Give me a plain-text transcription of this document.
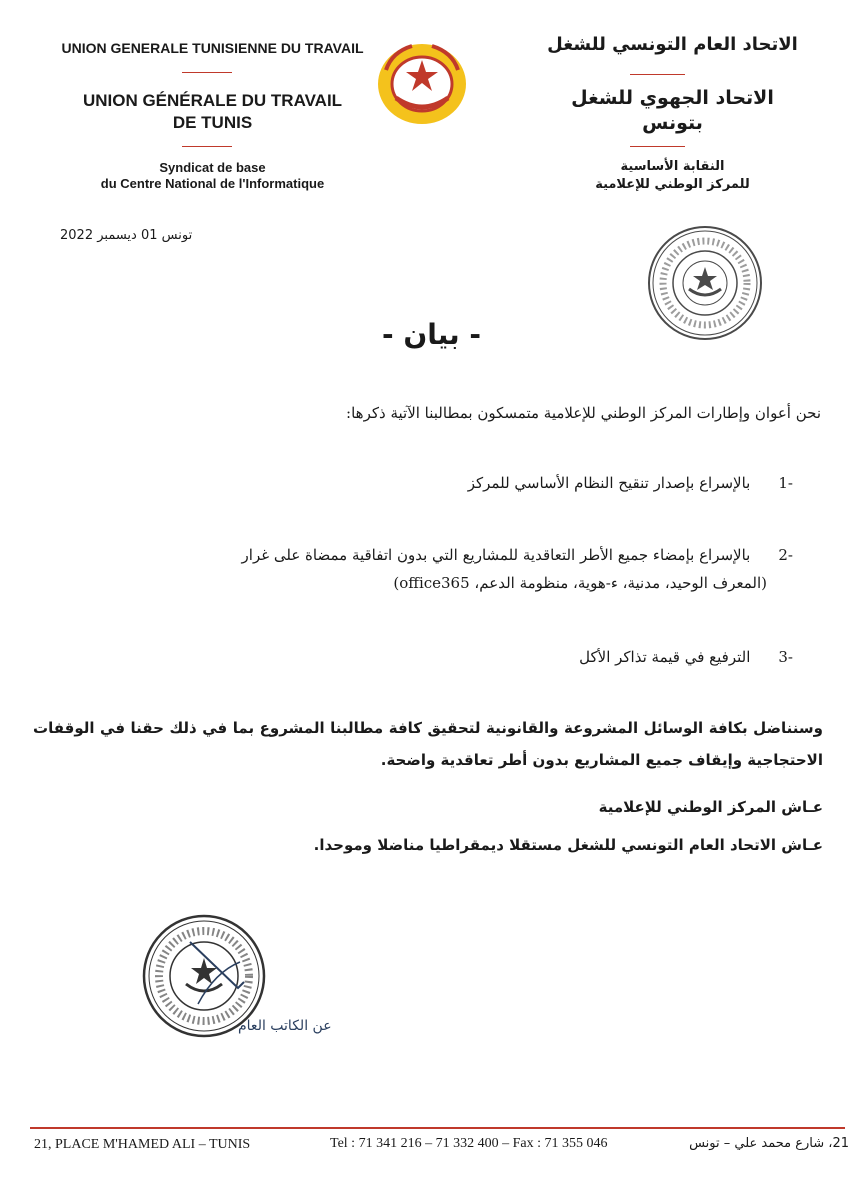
UNION GENERALE TUNISIENNE DU TRAVAIL
UNION GÉNÉRALE DU TRAVAIL
DE TUNIS
Syndicat de base
du Centre National de l'Informatique
الاتحاد العام التونسي للشغل
الاتحاد الجهوي للشغل
بتونس
النقابة الأساسية
للمركز الوطني للإعلامية
تونس 01 ديسمبر 2022
- بيان -
نحن أعوان وإطارات المركز الوطني للإعلامية متمسكون بمطالبنا الآتية ذكرها:
-1بالإسراع بإصدار تنقيح النظام الأساسي للمركز
-2بالإسراع بإمضاء جميع الأطر التعاقدية للمشاريع التي بدون اتفاقية ممضاة على غرار
(المعرف الوحيد، مدنية، ء-هوية، منظومة الدعم، office365)
-3الترفيع في قيمة تذاكر الأكل
وسنناضل بكافة الوسائل المشروعة والقانونية لتحقيق كافة مطالبنا المشروع بما في ذلك حقنا في الوقفات الاحتجاجية وإيقاف جميع المشاريع بدون أطر تعاقدية واضحة.
عـاش المركز الوطني للإعلامية
عـاش الاتحاد العام التونسي للشغل مستقلا ديمقراطيا مناضلا وموحدا.
عن الكاتب العام
21, PLACE M'HAMED ALI – TUNIS	Tel : 71 341 216 – 71 332 400 – Fax : 71 355 046	21، شارع محمد علي – تونس
